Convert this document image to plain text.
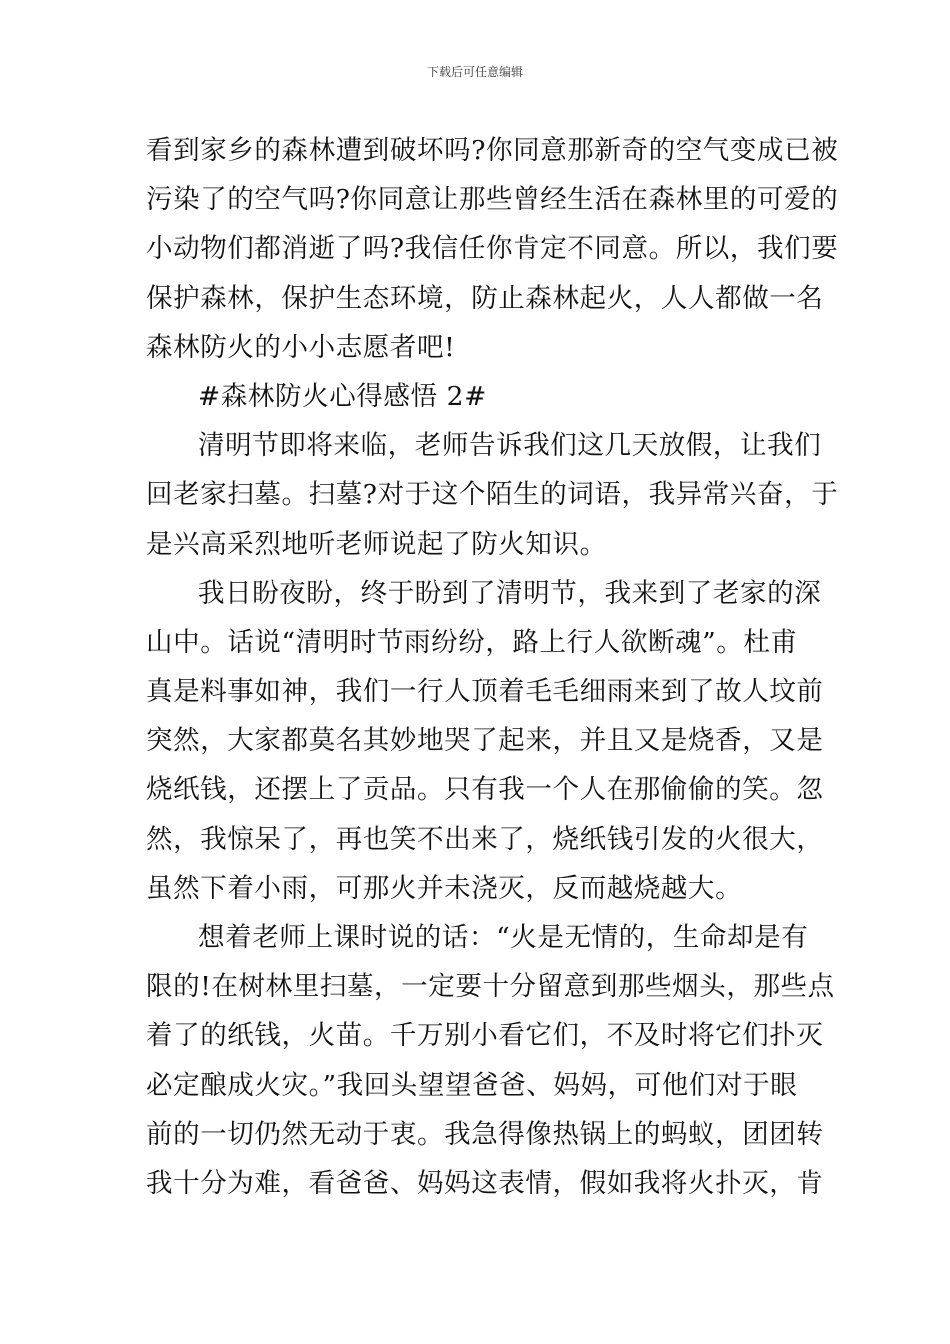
下载后可任意编辑
看到家乡的森林遭到破坏吗?你同意那新奇的空气变成已被
污染了的空气吗?你同意让那些曾经生活在森林里的可爱的
小动物们都消逝了吗?我信任你肯定不同意。所以，我们要
保护森林，保护生态环境，防止森林起火，人人都做一名
森林防火的小小志愿者吧!
#森林防火心得感悟 2#
清明节即将来临，老师告诉我们这几天放假，让我们
回老家扫墓。扫墓?对于这个陌生的词语，我异常兴奋，于
是兴高采烈地听老师说起了防火知识。
我日盼夜盼，终于盼到了清明节，我来到了老家的深
山中。话说“清明时节雨纷纷，路上行人欲断魂”。杜甫
真是料事如神，我们一行人顶着毛毛细雨来到了故人坟前
突然，大家都莫名其妙地哭了起来，并且又是烧香，又是
烧纸钱，还摆上了贡品。只有我一个人在那偷偷的笑。忽
然，我惊呆了，再也笑不出来了，烧纸钱引发的火很大，
虽然下着小雨，可那火并未浇灭，反而越烧越大。
想着老师上课时说的话：“火是无情的，生命却是有
限的!在树林里扫墓，一定要十分留意到那些烟头，那些点
着了的纸钱，火苗。千万别小看它们，不及时将它们扑灭
必定酿成火灾。”我回头望望爸爸、妈妈，可他们对于眼
前的一切仍然无动于衷。我急得像热锅上的蚂蚁，团团转
我十分为难，看爸爸、妈妈这表情，假如我将火扑灭，肯
